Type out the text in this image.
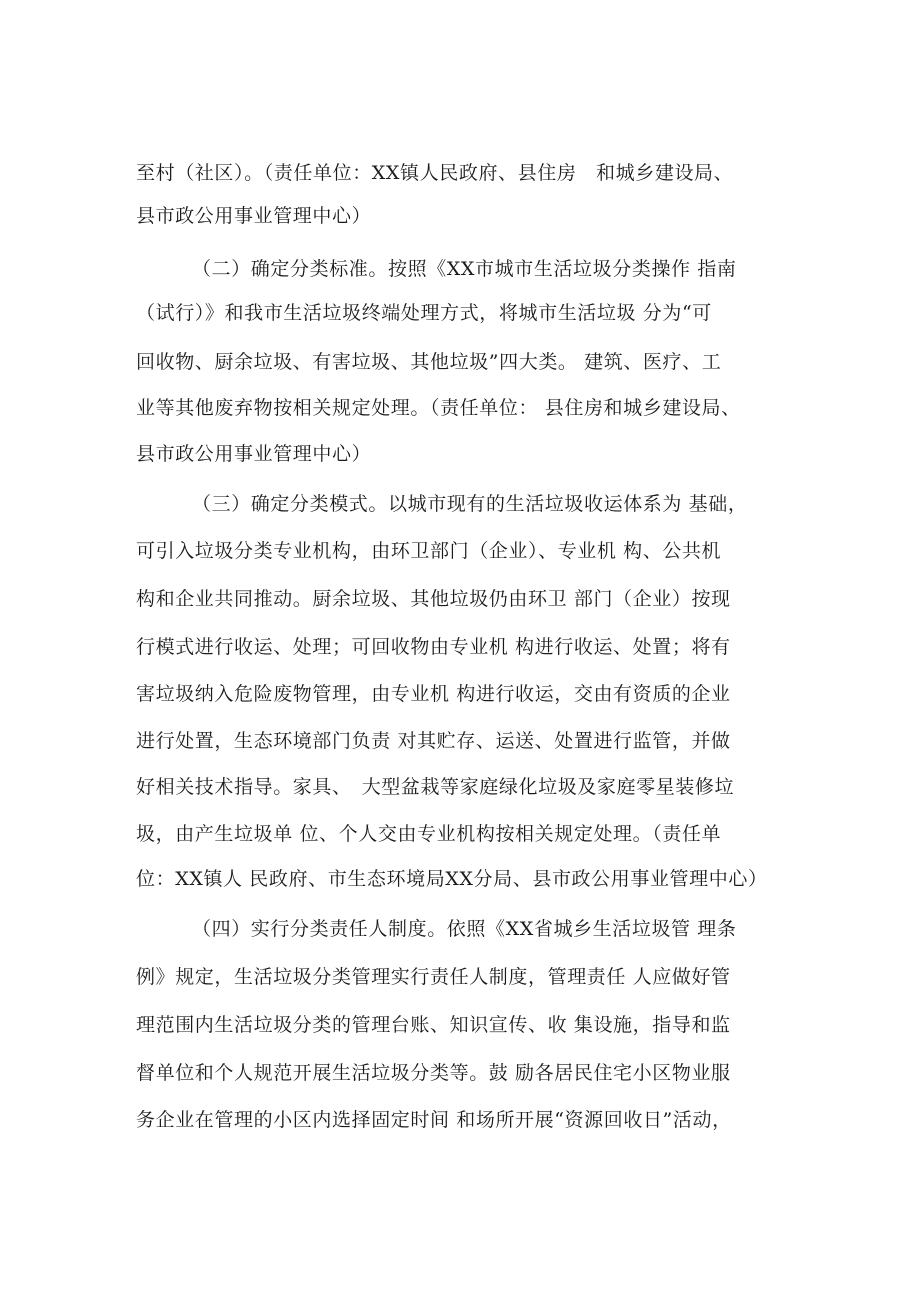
至村（社区）。（责任单位：XX镇人民政府、县住房　和城乡建设局、
县市政公用事业管理中心）
（二）确定分类标准。按照《XX市城市生活垃圾分类操作 指南
（试行）》和我市生活垃圾终端处理方式，将城市生活垃圾 分为“可
回收物、厨余垃圾、有害垃圾、其他垃圾”四大类。 建筑、医疗、工
业等其他废弃物按相关规定处理。（责任单位： 县住房和城乡建设局、
县市政公用事业管理中心）
（三）确定分类模式。以城市现有的生活垃圾收运体系为 基础，
可引入垃圾分类专业机构，由环卫部门（企业）、专业机 构、公共机
构和企业共同推动。厨余垃圾、其他垃圾仍由环卫 部门（企业）按现
行模式进行收运、处理；可回收物由专业机 构进行收运、处置；将有
害垃圾纳入危险废物管理，由专业机 构进行收运，交由有资质的企业
进行处置，生态环境部门负责 对其贮存、运送、处置进行监管，并做
好相关技术指导。家具、　大型盆栽等家庭绿化垃圾及家庭零星装修垃
圾，由产生垃圾单 位、个人交由专业机构按相关规定处理。（责任单
位：XX镇人 民政府、市生态环境局XX分局、县市政公用事业管理中心）
（四）实行分类责任人制度。依照《XX省城乡生活垃圾管 理条
例》规定，生活垃圾分类管理实行责任人制度，管理责任 人应做好管
理范围内生活垃圾分类的管理台账、知识宣传、收 集设施，指导和监
督单位和个人规范开展生活垃圾分类等。鼓 励各居民住宅小区物业服
务企业在管理的小区内选择固定时间 和场所开展“资源回收日”活动，
